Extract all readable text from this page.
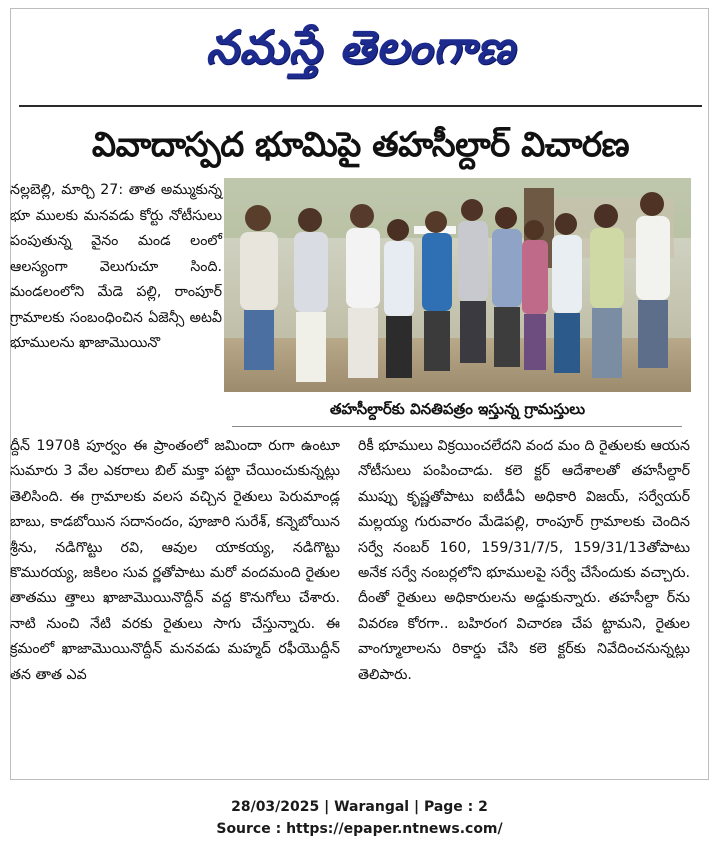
నమస్తే తెలంగాణ
వివాదాస్పద భూమిపై తహసీల్దార్ విచారణ
నల్లబెల్లి, మార్చి 27: తాత అమ్ముకున్న భూ ములకు మనవడు కోర్టు నోటీసులు పంపుతున్న వైనం మండ లంలో ఆలస్యంగా వెలుగుచూ సింది. మండలంలోని మేడె పల్లి, రాంపూర్ గ్రామాలకు సంబంధించిన ఏజెన్సీ అటవీ భూములను ఖాజామొయినొ
తహసీల్దార్‌కు వినతిపత్రం ఇస్తున్న గ్రామస్తులు
ద్దీన్ 1970కి పూర్వం ఈ ప్రాంతంలో జమిందా రుగా ఉంటూ సుమారు 3 వేల ఎకరాలు బిల్ మక్తా పట్టా చేయించుకున్నట్లు తెలిసింది. ఈ గ్రామాలకు వలస వచ్చిన రైతులు పెరుమాండ్ల బాబు, కాడబోయిన సదానందం, పూజారి సురేశ్, కన్నెబోయిన శ్రీను, నడిగొట్టు రవి, ఆవుల యాకయ్య, నడిగొట్టు కొమురయ్య, జకిలం సువ ర్ణతోపాటు మరో వందమంది రైతుల తాతము త్తాలు ఖాజామొయినొద్దీన్ వద్ద కొనుగోలు చేశారు. నాటి నుంచి నేటి వరకు రైతులు సాగు చేస్తున్నారు. ఈ క్రమంలో ఖాజామొయినొద్దీన్ మనవడు మహ్మద్ రఫీయొద్దీన్ తన తాత ఎవ
రికీ భూములు విక్రయించలేదని వంద మం ది రైతులకు ఆయన నోటీసులు పంపించాడు. కలె క్టర్ ఆదేశాలతో తహసీల్దార్ ముప్పు కృష్ణతోపాటు ఐటీడీఏ అధికారి విజయ్, సర్వేయర్ మల్లయ్య గురువారం మేడెపల్లి, రాంపూర్ గ్రామాలకు చెందిన సర్వే నంబర్ 160, 159/31/7/5, 159/31/13తోపాటు అనేక సర్వే నంబర్లలోని భూములపై సర్వే చేసేందుకు వచ్చారు. దీంతో రైతులు అధికారులను అడ్డుకున్నారు. తహసీల్దా ర్‌ను వివరణ కోరగా.. బహిరంగ విచారణ చేప ట్టామని, రైతుల వాంగ్మూలాలను రికార్డు చేసి కలె క్టర్‌కు నివేదించనున్నట్లు తెలిపారు.
28/03/2025 | Warangal | Page : 2
Source : https://epaper.ntnews.com/
